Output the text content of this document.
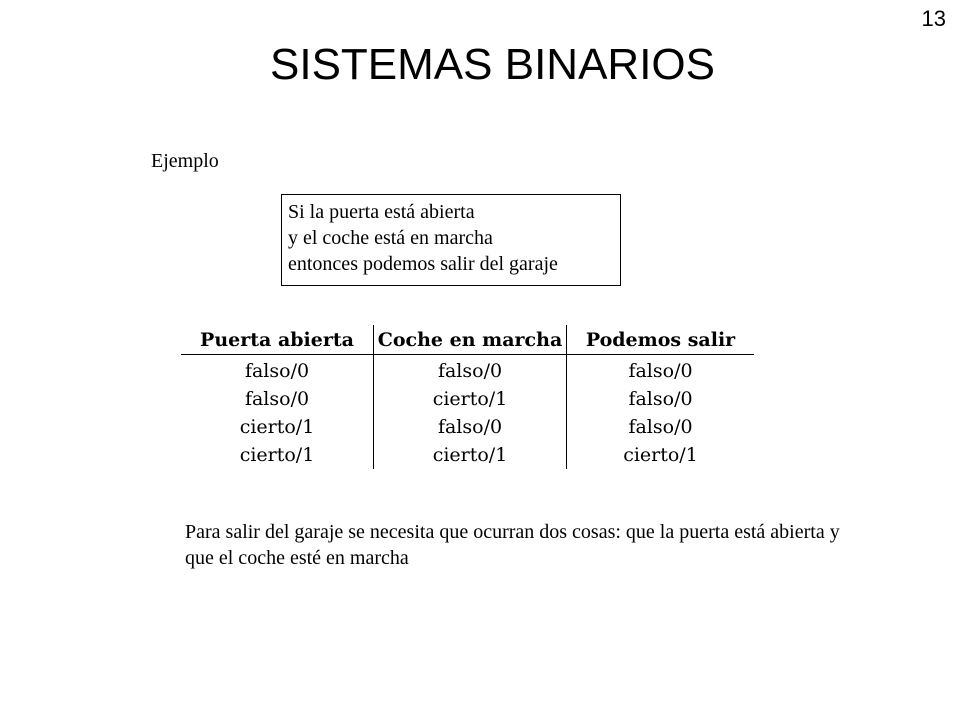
13
SISTEMAS BINARIOS
Ejemplo
Si la puerta está abierta
y el coche está en marcha
entonces podemos salir del garaje
Puerta abierta	Coche en marcha	Podemos salir
falso/0	falso/0	falso/0
falso/0	cierto/1	falso/0
cierto/1	falso/0	falso/0
cierto/1	cierto/1	cierto/1
Para salir del garaje se necesita que ocurran dos cosas: que la puerta está abierta y que el coche esté en marcha
